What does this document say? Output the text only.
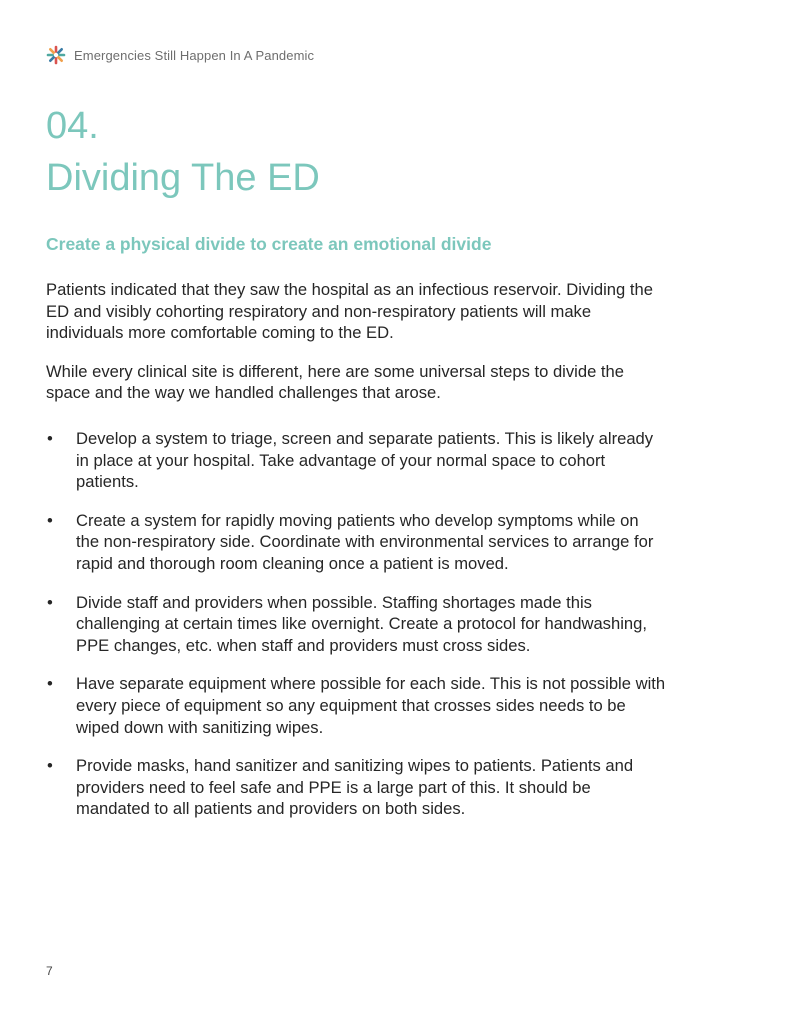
Emergencies Still Happen In A Pandemic
04.
Dividing The ED
Create a physical divide to create an emotional divide

Patients indicated that they saw the hospital as an infectious reservoir. Dividing the ED and visibly cohorting respiratory and non-respiratory patients will make individuals more comfortable coming to the ED.

While every clinical site is different, here are some universal steps to divide the space and the way we handled challenges that arose.

• Develop a system to triage, screen and separate patients. This is likely already in place at your hospital. Take advantage of your normal space to cohort patients.
• Create a system for rapidly moving patients who develop symptoms while on the non-respiratory side. Coordinate with environmental services to arrange for rapid and thorough room cleaning once a patient is moved.
• Divide staff and providers when possible. Staffing shortages made this challenging at certain times like overnight. Create a protocol for handwashing, PPE changes, etc. when staff and providers must cross sides.
• Have separate equipment where possible for each side. This is not possible with every piece of equipment so any equipment that crosses sides needs to be wiped down with sanitizing wipes.
• Provide masks, hand sanitizer and sanitizing wipes to patients. Patients and providers need to feel safe and PPE is a large part of this. It should be mandated to all patients and providers on both sides.
7
